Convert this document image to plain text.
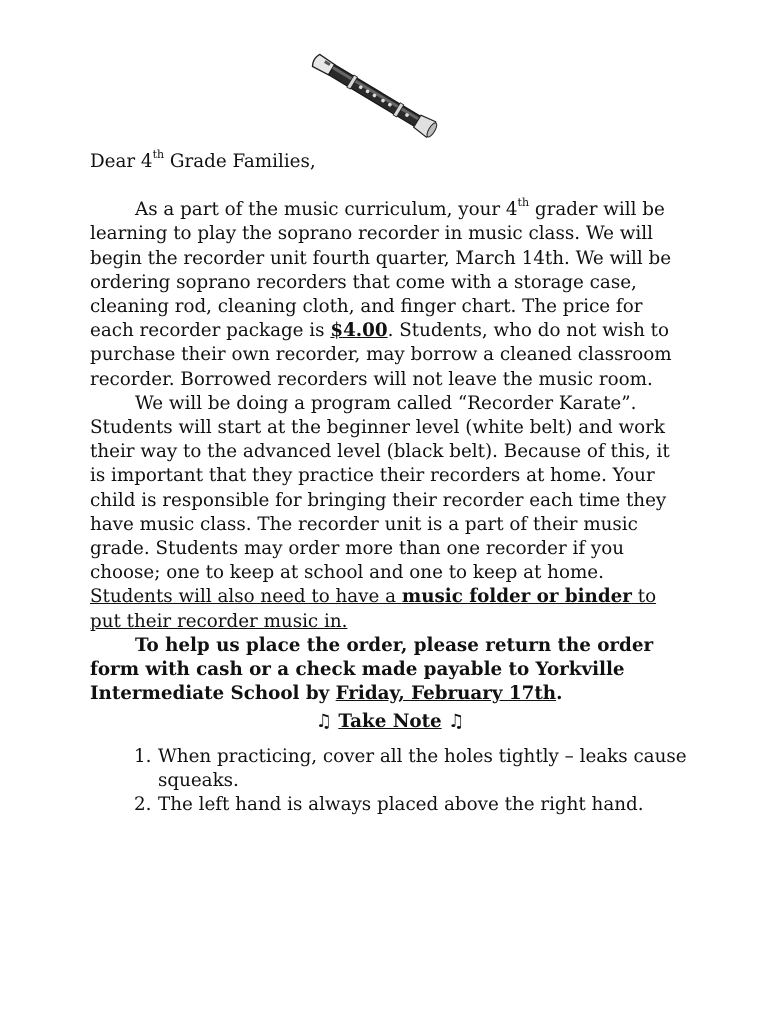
Dear 4th Grade Families,

As a part of the music curriculum, your 4th grader will be learning to play the soprano recorder in music class. We will begin the recorder unit fourth quarter, March 14th. We will be ordering soprano recorders that come with a storage case, cleaning rod, cleaning cloth, and finger chart. The price for each recorder package is $4.00. Students, who do not wish to purchase their own recorder, may borrow a cleaned classroom recorder. Borrowed recorders will not leave the music room.

We will be doing a program called “Recorder Karate”. Students will start at the beginner level (white belt) and work their way to the advanced level (black belt). Because of this, it is important that they practice their recorders at home. Your child is responsible for bringing their recorder each time they have music class. The recorder unit is a part of their music grade. Students may order more than one recorder if you choose; one to keep at school and one to keep at home. Students will also need to have a music folder or binder to put their recorder music in.

To help us place the order, please return the order form with cash or a check made payable to Yorkville Intermediate School by Friday, February 17th.

♫ Take Note ♫

1. When practicing, cover all the holes tightly – leaks cause squeaks.
2. The left hand is always placed above the right hand.
